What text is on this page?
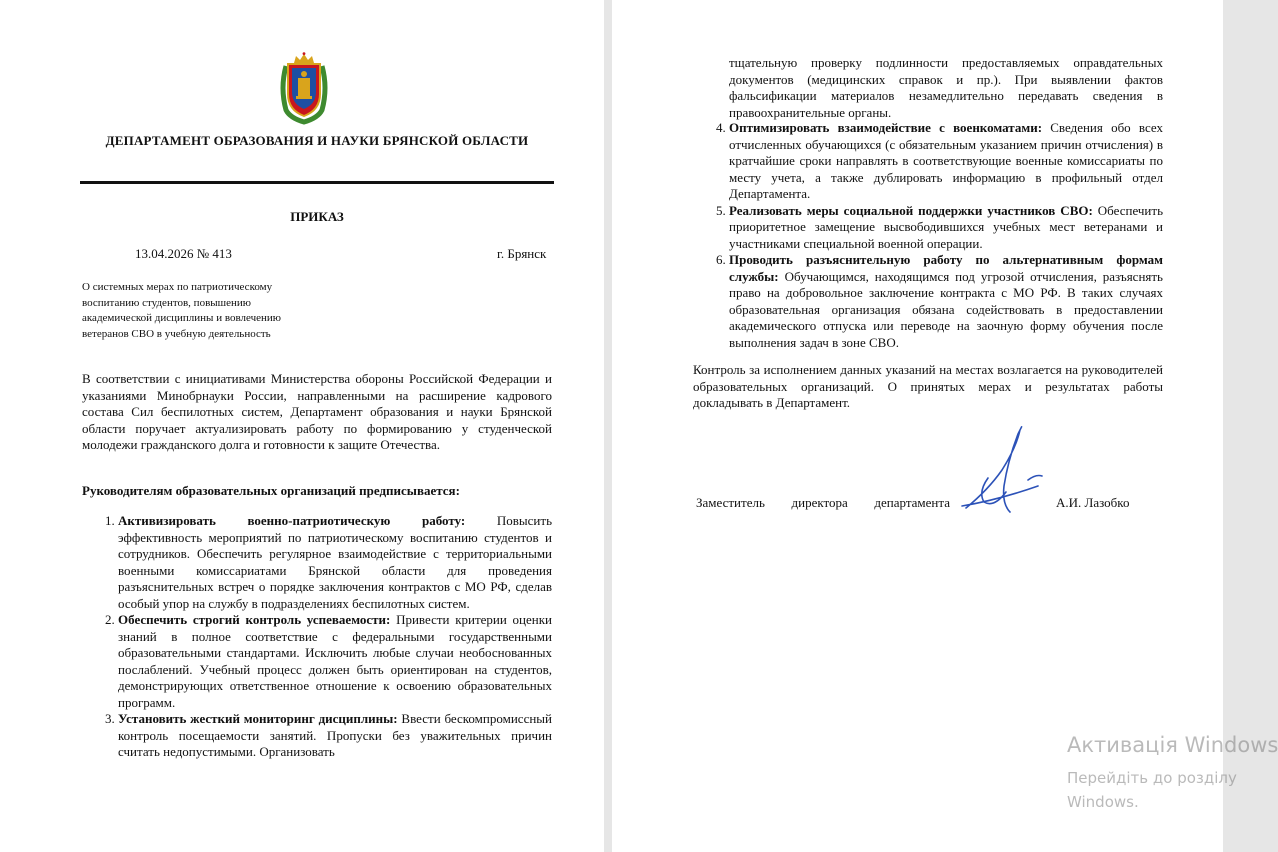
ДЕПАРТАМЕНТ ОБРАЗОВАНИЯ И НАУКИ БРЯНСКОЙ ОБЛАСТИ
ПРИКАЗ
13.04.2026 № 413	г. Брянск
О системных мерах по патриотическому воспитанию студентов, повышению академической дисциплины и вовлечению ветеранов СВО в учебную деятельность
В соответствии с инициативами Министерства обороны Российской Федерации и указаниями Минобрнауки России, направленными на расширение кадрового состава Сил беспилотных систем, Департамент образования и науки Брянской области поручает актуализировать работу по формированию у студенческой молодежи гражданского долга и готовности к защите Отечества.
Руководителям образовательных организаций предписывается:
1. Активизировать военно-патриотическую работу: Повысить эффективность мероприятий по патриотическому воспитанию студентов и сотрудников. Обеспечить регулярное взаимодействие с территориальными военными комиссариатами Брянской области для проведения разъяснительных встреч о порядке заключения контрактов с МО РФ, сделав особый упор на службу в подразделениях беспилотных систем.
2. Обеспечить строгий контроль успеваемости: Привести критерии оценки знаний в полное соответствие с федеральными государственными образовательными стандартами. Исключить любые случаи необоснованных послаблений. Учебный процесс должен быть ориентирован на студентов, демонстрирующих ответственное отношение к освоению образовательных программ.
3. Установить жесткий мониторинг дисциплины: Ввести бескомпромиссный контроль посещаемости занятий. Пропуски без уважительных причин считать недопустимыми. Организовать
тщательную проверку подлинности предоставляемых оправдательных документов (медицинских справок и пр.). При выявлении фактов фальсификации материалов незамедлительно передавать сведения в правоохранительные органы.
4. Оптимизировать взаимодействие с военкоматами: Сведения обо всех отчисленных обучающихся (с обязательным указанием причин отчисления) в кратчайшие сроки направлять в соответствующие военные комиссариаты по месту учета, а также дублировать информацию в профильный отдел Департамента.
5. Реализовать меры социальной поддержки участников СВО: Обеспечить приоритетное замещение высвободившихся учебных мест ветеранами и участниками специальной военной операции.
6. Проводить разъяснительную работу по альтернативным формам службы: Обучающимся, находящимся под угрозой отчисления, разъяснять право на добровольное заключение контракта с МО РФ. В таких случаях образовательная организация обязана содействовать в предоставлении академического отпуска или переводе на заочную форму обучения после выполнения задач в зоне СВО.
Контроль за исполнением данных указаний на местах возлагается на руководителей образовательных организаций. О принятых мерах и результатах работы докладывать в Департамент.
Заместитель директора департамента	А.И. Лазобко
Активація Windows
Перейдіть до розділу
Windows.
